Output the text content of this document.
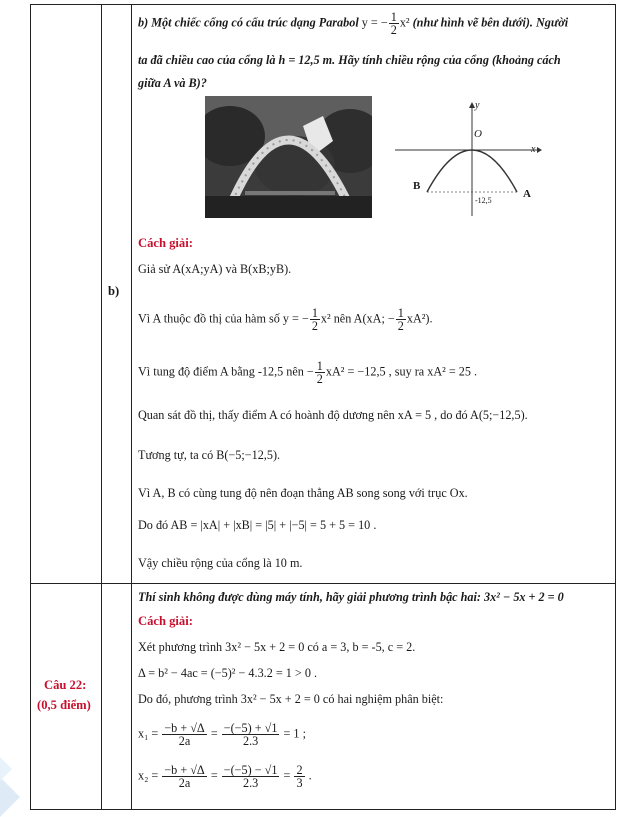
b)
b) Một chiếc cổng có cấu trúc dạng Parabol y = − $\frac{1}{2} x^2$ (như hình vẽ bên dưới). Người
ta đã chiều cao của cổng là h = 12,5 m. Hãy tính chiều rộng của cổng (khoảng cách
giữa A và B)?
y
x
O
A
B
-12,5
Cách giải:
Giả sử A(xA;yA) và B(xB;yB).
Vì A thuộc đồ thị của hàm số y = − $\frac{1}{2} x^2$ nên A(xA; − $\frac{1}{2} xA^2$).
Vì tung độ điểm A bằng -12,5 nên − $\frac{1}{2} xA^2 = -12,5$ , suy ra xA² = 25 .
Quan sát đồ thị, thấy điểm A có hoành độ dương nên xA = 5 , do đó A(5;−12,5).
Tương tự, ta có B(−5;−12,5).
Vì A, B có cùng tung độ nên đoạn thẳng AB song song với trục Ox.
Do đó AB = |xA| + |xB| = |5| + |−5| = 5 + 5 = 10 .
Vậy chiều rộng của cổng là 10 m.
Câu 22:
(0,5 điểm)
Thí sinh không được dùng máy tính, hãy giải phương trình bậc hai: 3x² − 5x + 2 = 0
Cách giải:
Xét phương trình 3x² − 5x + 2 = 0 có a = 3, b = -5, c = 2.
Δ = b² − 4ac = (−5)² − 4.3.2 = 1 > 0 .
Do đó, phương trình 3x² − 5x + 2 = 0 có hai nghiệm phân biệt:
$x_1 = \frac{-b + √\Delta}{2a} = \frac{-(-5) + √1}{2.3} = 1$ ;
$x_2 = \frac{-b + √\Delta}{2a} = \frac{-(-5) - √1}{2.3} = \frac{2}{3}$ .
